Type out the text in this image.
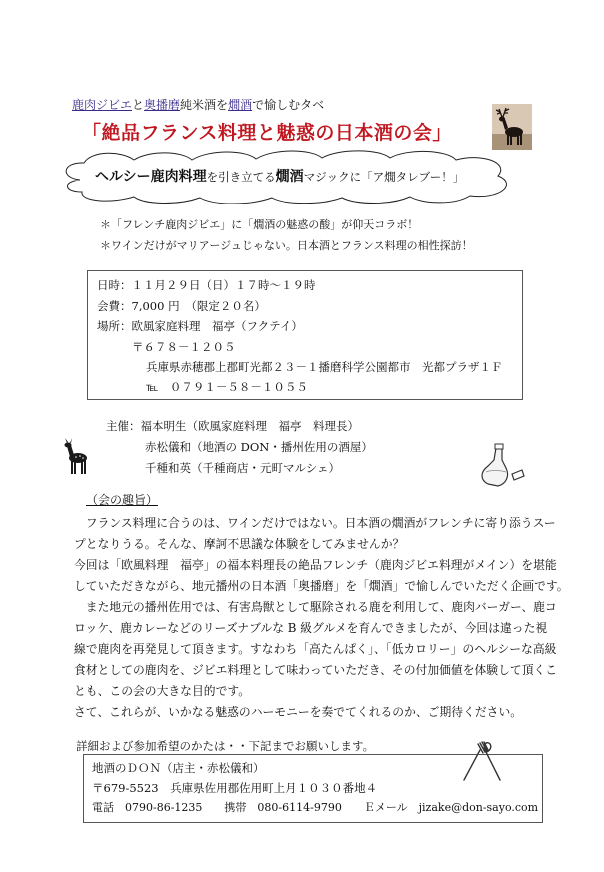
鹿肉ジビエと奥播磨純米酒を燗酒で愉しむタベ
「絶品フランス料理と魅惑の日本酒の会」
ヘルシー鹿肉料理を引き立てる燗酒マジックに「ア燗タレブー！」
＊「フレンチ鹿肉ジビエ」に「燗酒の魅惑の酸」が仰天コラボ！
＊ワインだけがマリアージュじゃない。日本酒とフランス料理の相性探訪！
日時：１１月２９日（日）１７時～１９時
会費：7,000 円　（限定２０名）
場所：欧風家庭料理　福亭（フクテイ）
〒６７８－１２０５
兵庫県赤穂郡上郡町光都２３－１播磨科学公園都市　光都プラザ１Ｆ
℡　０７９１－５８－１０５５
主催：福本明生（欧風家庭料理　福亭　料理長）
赤松儀和（地酒の DON・播州佐用の酒屋）
千種和英（千種商店・元町マルシェ）
（会の趣旨）
　フランス料理に合うのは、ワインだけではない。日本酒の燗酒がフレンチに寄り添うスー
プとなりうる。そんな、摩訶不思議な体験をしてみませんか？
今回は「欧風料理　福亭」の福本料理長の絶品フレンチ（鹿肉ジビエ料理がメイン）を堪能
していただきながら、地元播州の日本酒「奥播磨」を「燗酒」で愉しんでいただく企画です。
　また地元の播州佐用では、有害鳥獣として駆除される鹿を利用して、鹿肉バーガー、鹿コ
ロッケ、鹿カレーなどのリーズナブルな B 級グルメを育んできましたが、今回は違った視
線で鹿肉を再発見して頂きます。すなわち「高たんぱく」、「低カロリー」のヘルシーな高級
食材としての鹿肉を、ジビエ料理として味わっていただき、その付加価値を体験して頂くこ
とも、この会の大きな目的です。
さて、これらが、いかなる魅惑のハーモニーを奏でてくれるのか、ご期待ください。
詳細および参加希望のかたは・・下記までお願いします。
地酒のＤＯＮ（店主・赤松儀和）
〒679-5523　兵庫県佐用郡佐用町上月１０３０番地４
電話　0790-86-1235　　携帯　080-6114-9790　　Ｅメール　jizake@don-sayo.com
